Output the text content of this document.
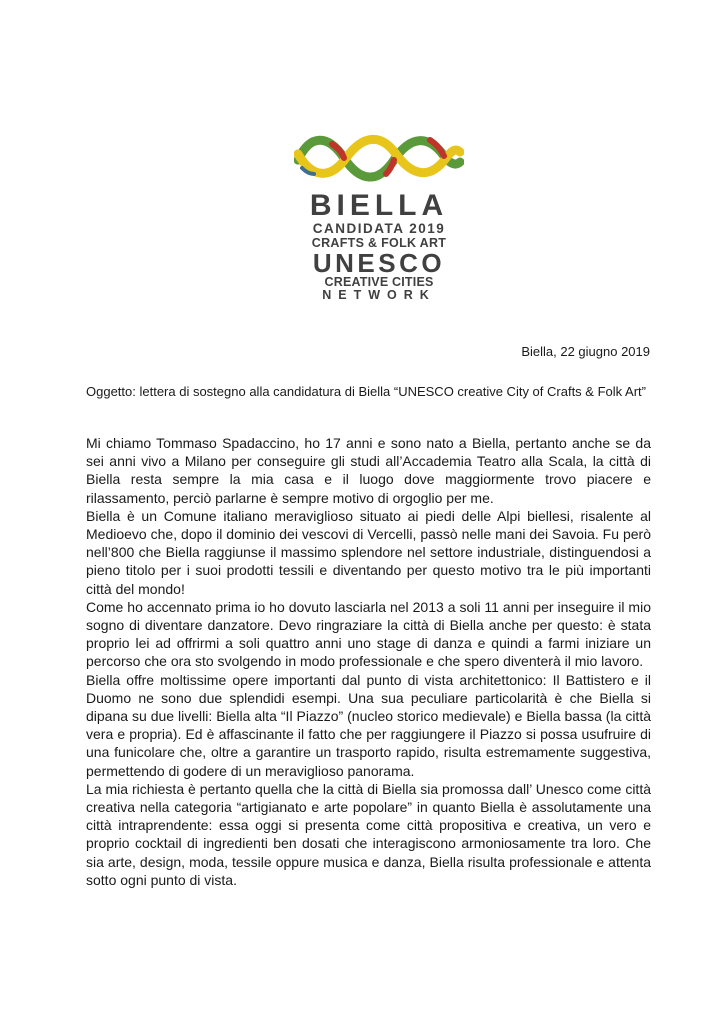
BIELLA
CANDIDATA 2019
CRAFTS & FOLK ART
UNESCO
CREATIVE CITIES
NETWORK
Biella, 22 giugno 2019
Oggetto: lettera di sostegno alla candidatura di Biella “UNESCO creative City of Crafts & Folk Art”

Mi chiamo Tommaso Spadaccino, ho 17 anni e sono nato a Biella, pertanto anche se da sei anni vivo a Milano per conseguire gli studi all’Accademia Teatro alla Scala, la città di Biella resta sempre la mia casa e il luogo dove maggiormente trovo piacere e rilassamento, perciò parlarne è sempre motivo di orgoglio per me.

Biella è un Comune italiano meraviglioso situato ai piedi delle Alpi biellesi, risalente al Medioevo che, dopo il dominio dei vescovi di Vercelli, passò nelle mani dei Savoia. Fu però nell’800 che Biella raggiunse il massimo splendore nel settore industriale, distinguendosi a pieno titolo per i suoi prodotti tessili e diventando per questo motivo tra le più importanti città del mondo!

Come ho accennato prima io ho dovuto lasciarla nel 2013 a soli 11 anni per inseguire il mio sogno di diventare danzatore. Devo ringraziare la città di Biella anche per questo: è stata proprio lei ad offrirmi a soli quattro anni uno stage di danza e quindi a farmi iniziare un percorso che ora sto svolgendo in modo professionale e che spero diventerà il mio lavoro.

Biella offre moltissime opere importanti dal punto di vista architettonico: Il Battistero e il Duomo ne sono due splendidi esempi. Una sua peculiare particolarità è che Biella si dipana su due livelli: Biella alta “Il Piazzo” (nucleo storico medievale) e Biella bassa (la città vera e propria). Ed è affascinante il fatto che per raggiungere il Piazzo si possa usufruire di una funicolare che, oltre a garantire un trasporto rapido, risulta estremamente suggestiva, permettendo di godere di un meraviglioso panorama.

La mia richiesta è pertanto quella che la città di Biella sia promossa dall’ Unesco come città creativa nella categoria “artigianato e arte popolare” in quanto Biella è assolutamente una città intraprendente: essa oggi si presenta come città propositiva e creativa, un vero e proprio cocktail di ingredienti ben dosati che interagiscono armoniosamente tra loro. Che sia arte, design, moda, tessile oppure musica e danza, Biella risulta professionale e attenta sotto ogni punto di vista.
